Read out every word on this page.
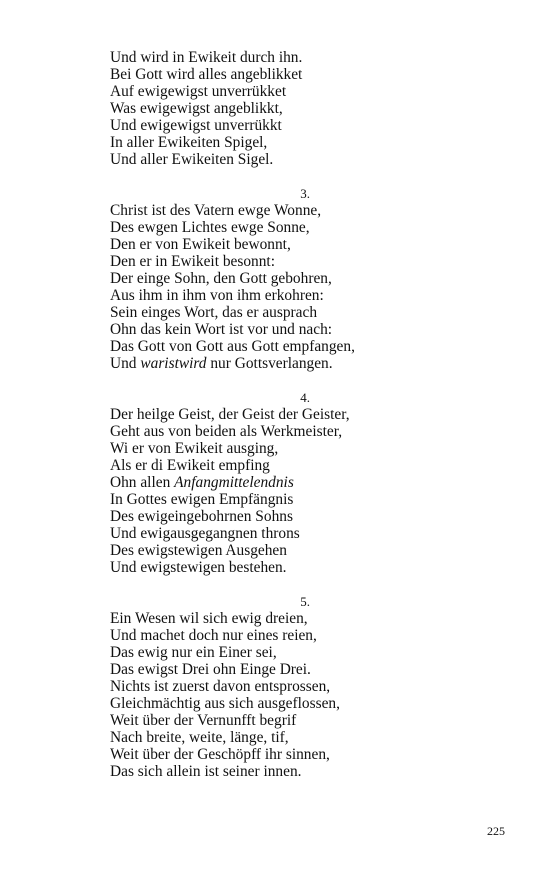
Und wird in Ewikeit durch ihn.
Bei Gott wird alles angeblikket
Auf ewigewigst unverrükket
Was ewigewigst angeblikkt,
Und ewigewigst unverrükkt
In aller Ewikeiten Spigel,
Und aller Ewikeiten Sigel.
3.
Christ ist des Vatern ewge Wonne,
Des ewgen Lichtes ewge Sonne,
Den er von Ewikeit bewonnt,
Den er in Ewikeit besonnt:
Der einge Sohn, den Gott gebohren,
Aus ihm in ihm von ihm erkohren:
Sein einges Wort, das er ausprach
Ohn das kein Wort ist vor und nach:
Das Gott von Gott aus Gott empfangen,
Und waristwird nur Gottsverlangen.
4.
Der heilge Geist, der Geist der Geister,
Geht aus von beiden als Werkmeister,
Wi er von Ewikeit ausging,
Als er di Ewikeit empfing
Ohn allen Anfangmittelendnis
In Gottes ewigen Empfängnis
Des ewigeingebohrnen Sohns
Und ewigausgegangnen throns
Des ewigstewigen Ausgehen
Und ewigstewigen bestehen.
5.
Ein Wesen wil sich ewig dreien,
Und machet doch nur eines reien,
Das ewig nur ein Einer sei,
Das ewigst Drei ohn Einge Drei.
Nichts ist zuerst davon entsprossen,
Gleichmächtig aus sich ausgeflossen,
Weit über der Vernunfft begrif
Nach breite, weite, länge, tif,
Weit über der Geschöpff ihr sinnen,
Das sich allein ist seiner innen.
225
